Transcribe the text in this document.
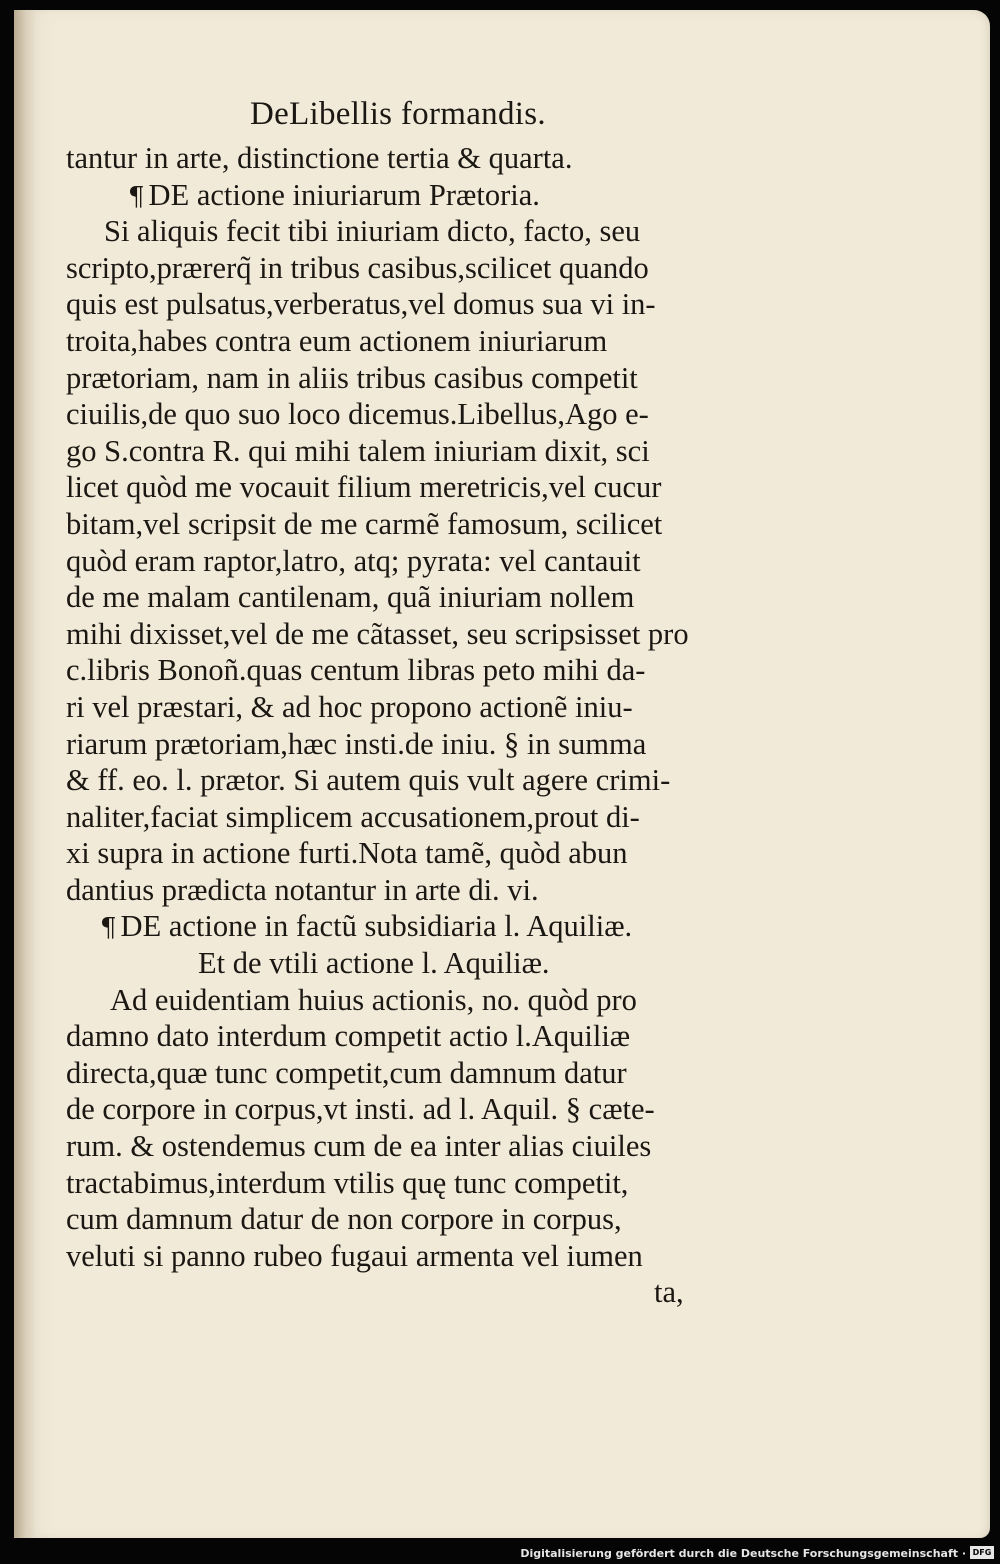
DeLibellis formandis.
tantur in arte, distinctione tertia & quarta.
¶ DE actione iniuriarum Prætoria.
Si aliquis fecit tibi iniuriam dicto, facto, seu
scripto,prærerq̃ in tribus casibus,scilicet quando
quis est pulsatus,verberatus,vel domus sua vi in-
troita,habes contra eum actionem iniuriarum
prætoriam, nam in aliis tribus casibus competit
ciuilis,de quo suo loco dicemus.Libellus,Ago e-
go S.contra R. qui mihi talem iniuriam dixit, sci
licet quòd me vocauit filium meretricis,vel cucur
bitam,vel scripsit de me carmẽ famosum, scilicet
quòd eram raptor,latro, atq; pyrata: vel cantauit
de me malam cantilenam, quã iniuriam nollem
mihi dixisset,vel de me cãtasset, seu scripsisset pro
c.libris Bonoñ.quas centum libras peto mihi da-
ri vel præstari, & ad hoc propono actionẽ iniu-
riarum prætoriam,hæc insti.de iniu. § in summa
& ff. eo. l. prætor. Si autem quis vult agere crimi-
naliter,faciat simplicem accusationem,prout di-
xi supra in actione furti.Nota tamẽ, quòd abun
dantius prædicta notantur in arte di. vi.
¶ DE actione in factũ subsidiaria l. Aquiliæ.
Et de vtili actione l. Aquiliæ.
Ad euidentiam huius actionis, no. quòd pro
damno dato interdum competit actio l.Aquiliæ
directa,quæ tunc competit,cum damnum datur
de corpore in corpus,vt insti. ad l. Aquil. § cæte-
rum. & ostendemus cum de ea inter alias ciuiles
tractabimus,interdum vtilis quę tunc competit,
cum damnum datur de non corpore in corpus,
veluti si panno rubeo fugaui armenta vel iumen
ta,
Digitalisierung gefördert durch die Deutsche Forschungsgemeinschaft · DFG
